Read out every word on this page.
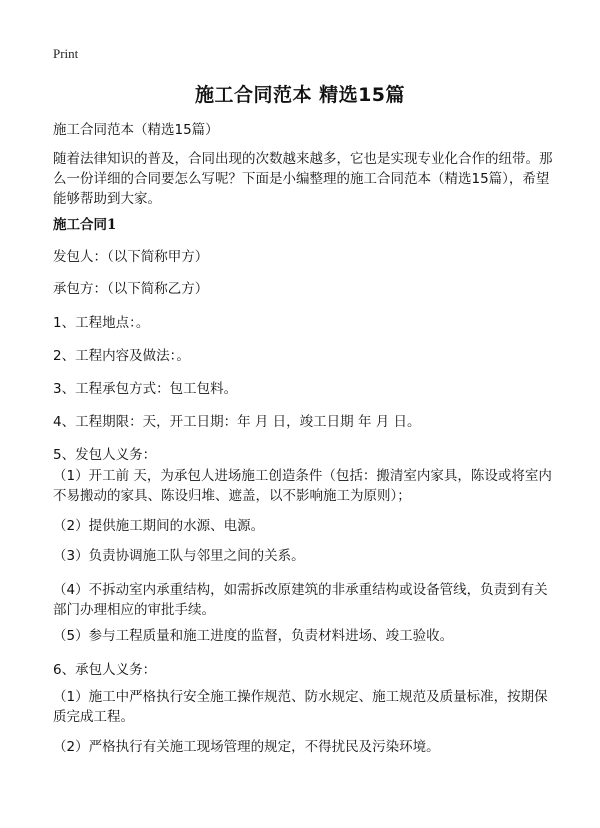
Print
施工合同范本 精选15篇

施工合同范本（精选15篇）

随着法律知识的普及，合同出现的次数越来越多，它也是实现专业化合作的纽带。那么一份详细的合同要怎么写呢？下面是小编整理的施工合同范本（精选15篇），希望能够帮助到大家。

施工合同1

发包人：（以下简称甲方）

承包方：（以下简称乙方）

1、工程地点：。

2、工程内容及做法：。

3、工程承包方式：包工包料。

4、工程期限：天，开工日期：年 月 日，竣工日期 年 月 日。

5、发包人义务：

（1）开工前 天，为承包人进场施工创造条件（包括：搬清室内家具，陈设或将室内不易搬动的家具、陈设归堆、遮盖，以不影响施工为原则）；

（2）提供施工期间的水源、电源。

（3）负责协调施工队与邻里之间的关系。

（4）不拆动室内承重结构，如需拆改原建筑的非承重结构或设备管线，负责到有关部门办理相应的审批手续。

（5）参与工程质量和施工进度的监督，负责材料进场、竣工验收。

6、承包人义务：

（1）施工中严格执行安全施工操作规范、防水规定、施工规范及质量标准，按期保质完成工程。

（2）严格执行有关施工现场管理的规定，不得扰民及污染环境。
